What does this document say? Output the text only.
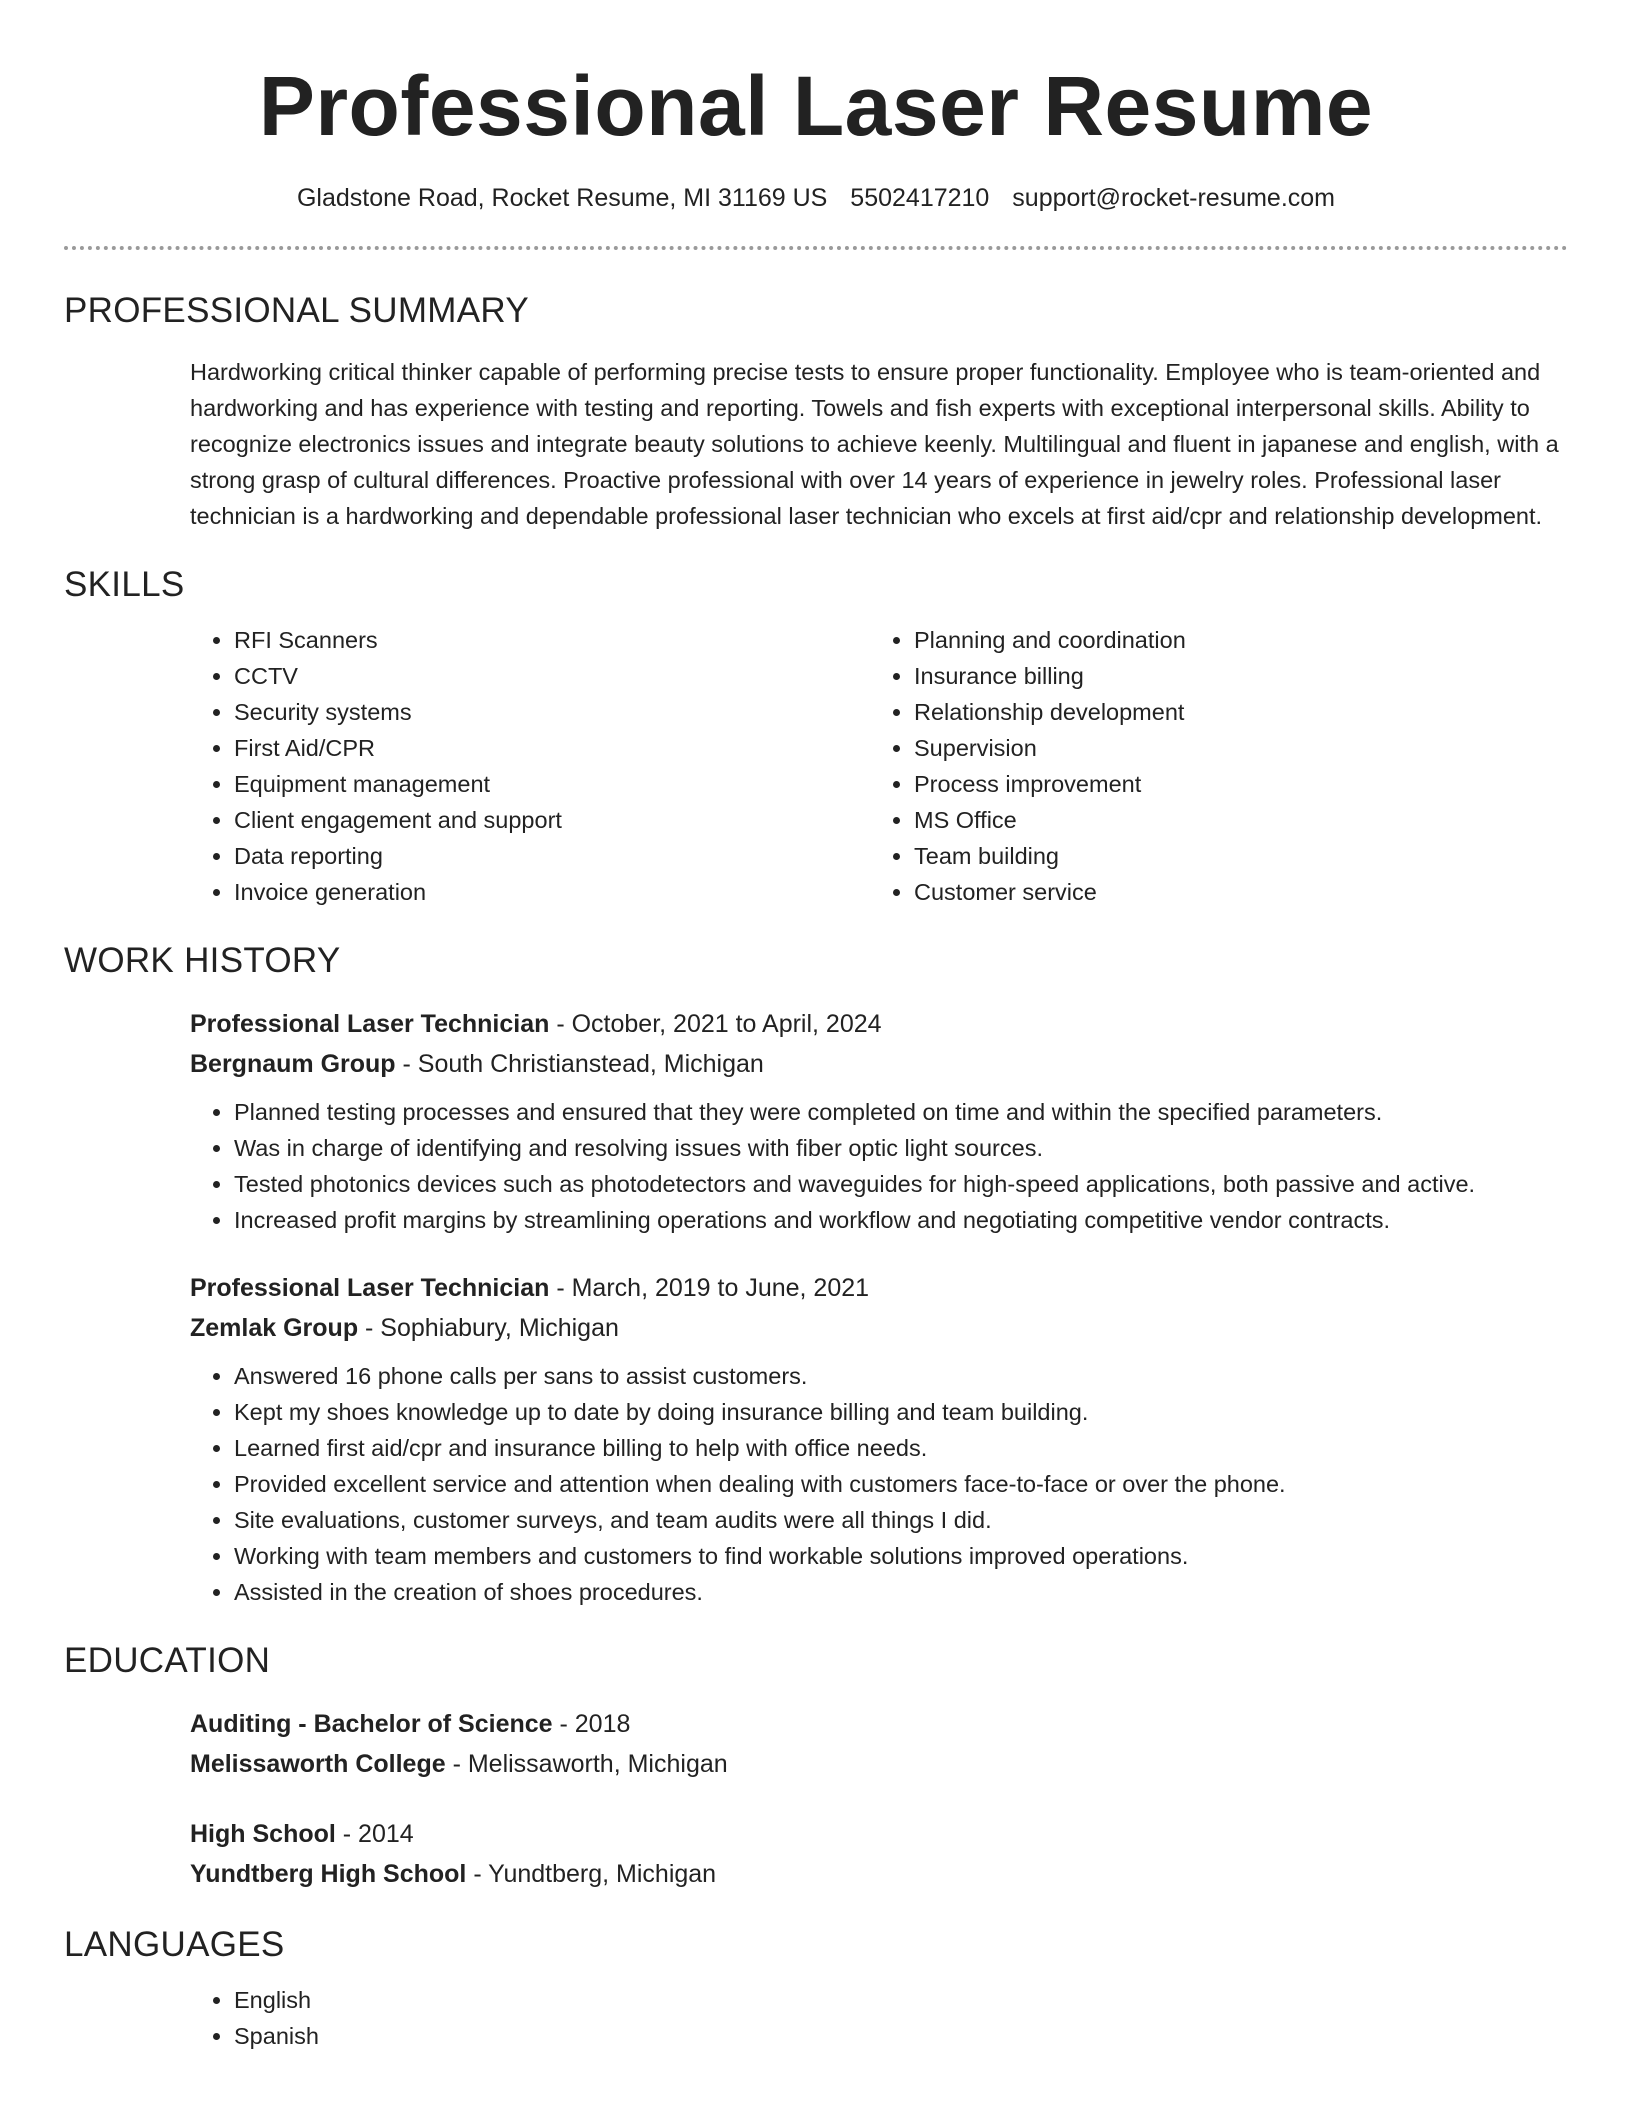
Professional Laser Resume
Gladstone Road, Rocket Resume, MI 31169 US 5502417210 support@rocket-resume.com
PROFESSIONAL SUMMARY
Hardworking critical thinker capable of performing precise tests to ensure proper functionality. Employee who is team-oriented and hardworking and has experience with testing and reporting. Towels and fish experts with exceptional interpersonal skills. Ability to recognize electronics issues and integrate beauty solutions to achieve keenly. Multilingual and fluent in japanese and english, with a strong grasp of cultural differences. Proactive professional with over 14 years of experience in jewelry roles. Professional laser technician is a hardworking and dependable professional laser technician who excels at first aid/cpr and relationship development.
SKILLS
• RFI Scanners
• CCTV
• Security systems
• First Aid/CPR
• Equipment management
• Client engagement and support
• Data reporting
• Invoice generation
• Planning and coordination
• Insurance billing
• Relationship development
• Supervision
• Process improvement
• MS Office
• Team building
• Customer service
WORK HISTORY
Professional Laser Technician - October, 2021 to April, 2024
Bergnaum Group - South Christianstead, Michigan
• Planned testing processes and ensured that they were completed on time and within the specified parameters.
• Was in charge of identifying and resolving issues with fiber optic light sources.
• Tested photonics devices such as photodetectors and waveguides for high-speed applications, both passive and active.
• Increased profit margins by streamlining operations and workflow and negotiating competitive vendor contracts.
Professional Laser Technician - March, 2019 to June, 2021
Zemlak Group - Sophiabury, Michigan
• Answered 16 phone calls per sans to assist customers.
• Kept my shoes knowledge up to date by doing insurance billing and team building.
• Learned first aid/cpr and insurance billing to help with office needs.
• Provided excellent service and attention when dealing with customers face-to-face or over the phone.
• Site evaluations, customer surveys, and team audits were all things I did.
• Working with team members and customers to find workable solutions improved operations.
• Assisted in the creation of shoes procedures.
EDUCATION
Auditing - Bachelor of Science - 2018
Melissaworth College - Melissaworth, Michigan
High School - 2014
Yundtberg High School - Yundtberg, Michigan
LANGUAGES
• English
• Spanish
